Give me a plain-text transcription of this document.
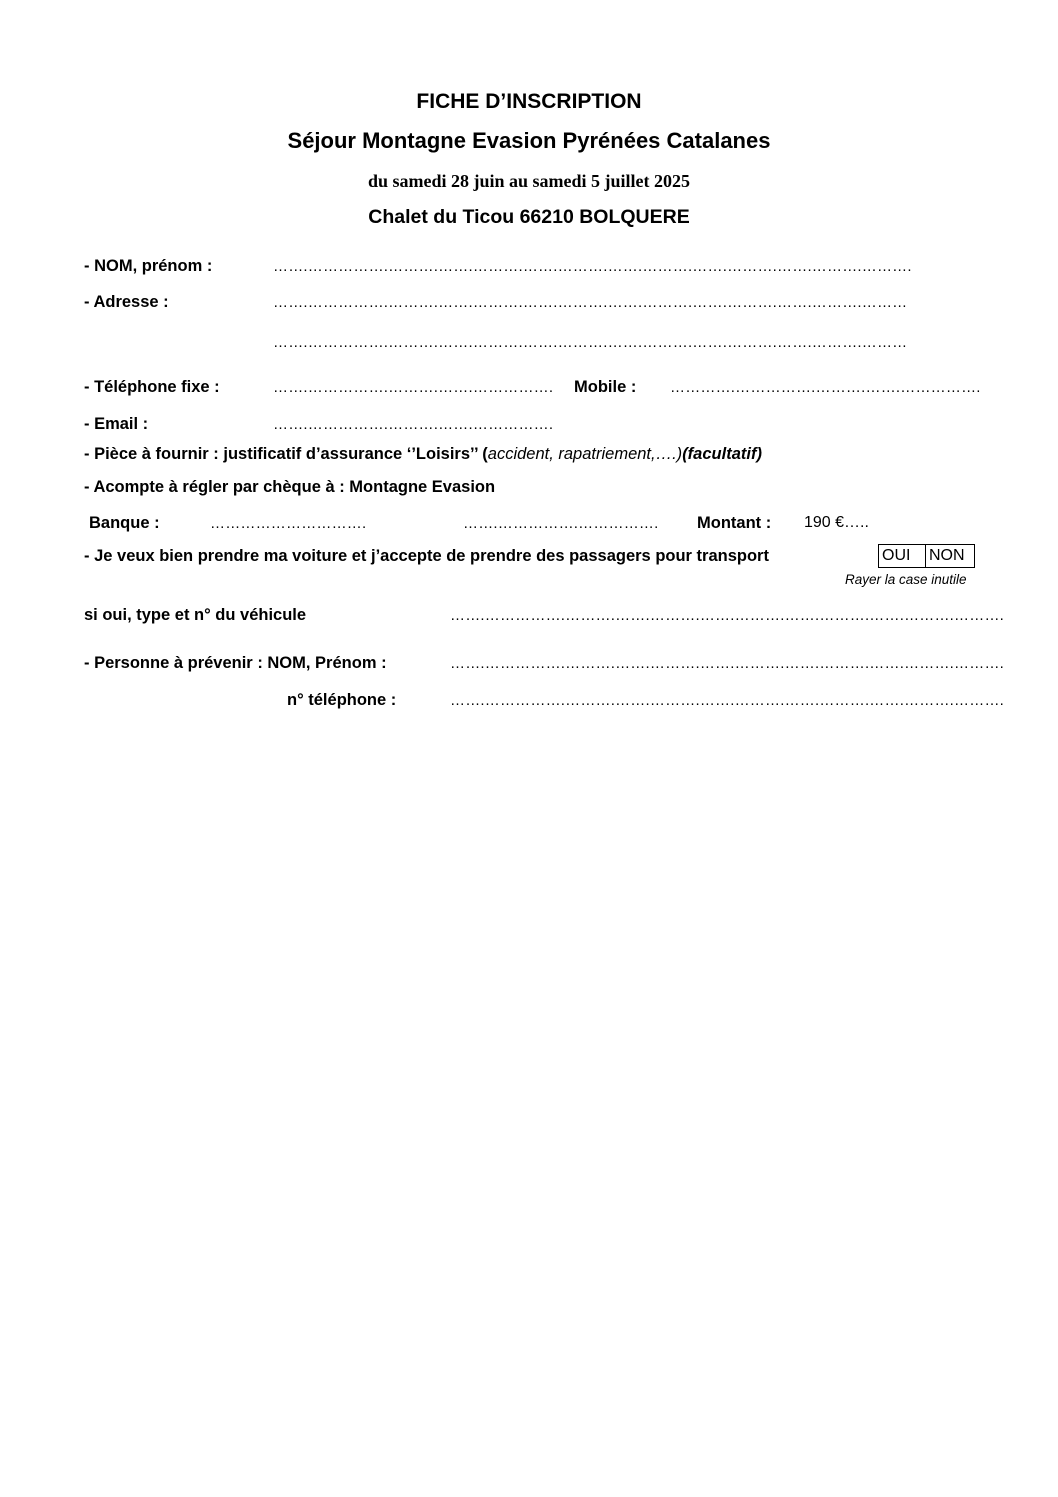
FICHE D’INSCRIPTION
Séjour Montagne Evasion Pyrénées Catalanes
du samedi 28 juin au samedi 5 juillet 2025
Chalet du Ticou 66210 BOLQUERE
- NOM, prénom :	…….…………….……….…….……….…….……….…….……….…….……….…….……….……….
- Adresse :	…….…………….……….…….……….…….……….…….……….…….……….…….……….………
…….…………….……….…….……….…….……….…….……….…….……….…….……….………
- Téléphone fixe :	…….…………….……….…….……………. Mobile : ………….…………….……….…….…………….
- Email :	…….…………….……….…….…………….
- Pièce à fournir : justificatif d’assurance ‘’Loisirs’’ (accident, rapatriement,….)(facultatif)
- Acompte à régler par chèque à : Montagne Evasion
Banque :	………………………….	…….…………….……………. Montant : 190 €…..
- Je veux bien prendre ma voiture et j’accepte de prendre des passagers pour transport	OUI	NON
Rayer la case inutile
si oui, type et n° du véhicule	…….…………….……….…….……….…….……….…….……….…….……….……….
- Personne à prévenir : NOM, Prénom :	…….…………….……….…….……….…….……….…….……….…….……….……….
n° téléphone :	…….…………….……….…….……….…….……….…….……….…….……….……….
